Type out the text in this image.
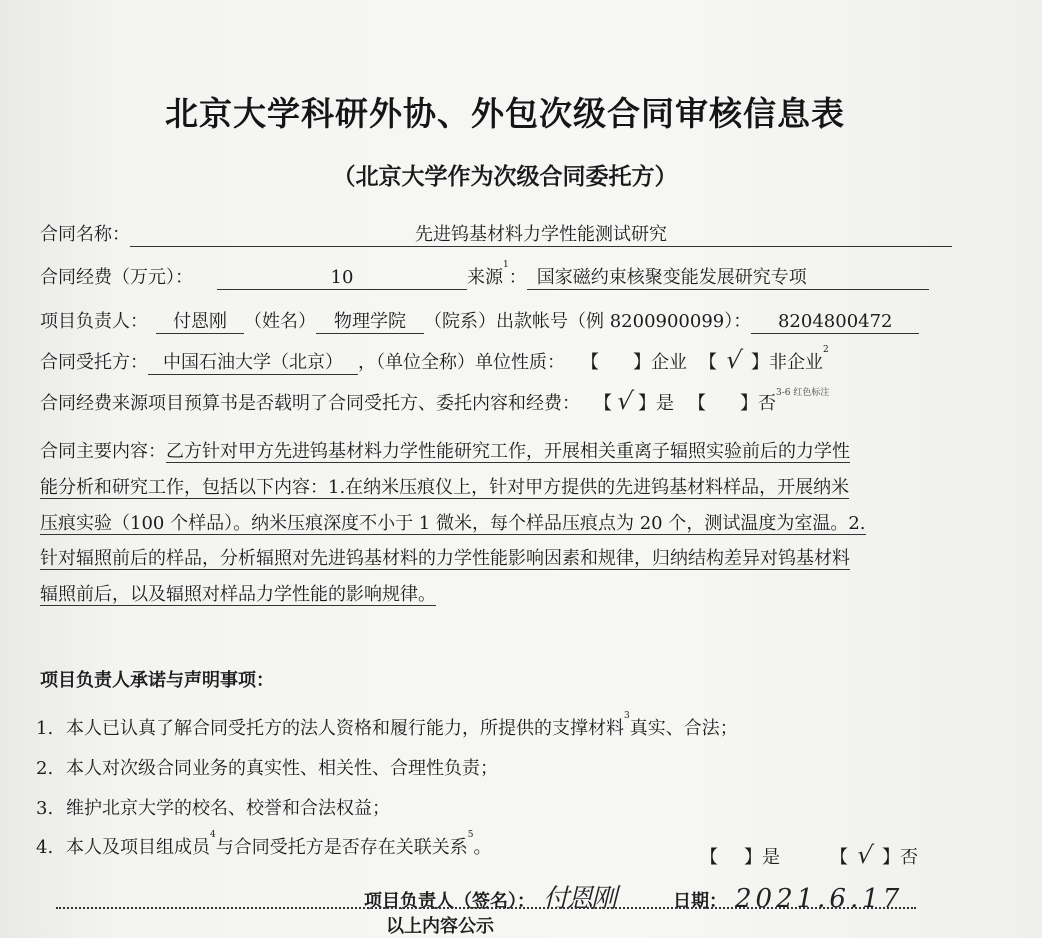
北京大学科研外协、外包次级合同审核信息表
（北京大学作为次级合同委托方）
合同名称：	先进钨基材料力学性能测试研究
合同经费（万元）：	10	来源$^1$： 国家磁约束核聚变能发展研究专项
项目负责人： 付恩刚 （姓名） 物理学院 （院系）出款帐号（例 8200900099）： 8204800472
合同受托方： 中国石油大学（北京） ，（单位全称）单位性质： 【 】企业 【 √ 】非企业$^2$
合同经费来源项目预算书是否载明了合同受托方、委托内容和经费： 【 √ 】是 【 】否$^{3-6 红色标注}$
合同主要内容：乙方针对甲方先进钨基材料力学性能研究工作，开展相关重离子辐照实验前后的力学性
能分析和研究工作，包括以下内容：1.在纳米压痕仪上，针对甲方提供的先进钨基材料样品，开展纳米
压痕实验（100 个样品）。纳米压痕深度不小于 1 微米，每个样品压痕点为 20 个，测试温度为室温。2.
针对辐照前后的样品，分析辐照对先进钨基材料的力学性能影响因素和规律，归纳结构差异对钨基材料
辐照前后，以及辐照对样品力学性能的影响规律。
项目负责人承诺与声明事项：
1. 本人已认真了解合同受托方的法人资格和履行能力，所提供的支撑材料$^3$真实、合法；
2. 本人对次级合同业务的真实性、相关性、合理性负责；
3. 维护北京大学的校名、校誉和合法权益；
4. 本人及项目组成员$^4$与合同受托方是否存在关联关系$^5$。	【 】是	【 √ 】否
项目负责人（签名）： 付恩刚	日期： 2021.6.17
以上内容公示
